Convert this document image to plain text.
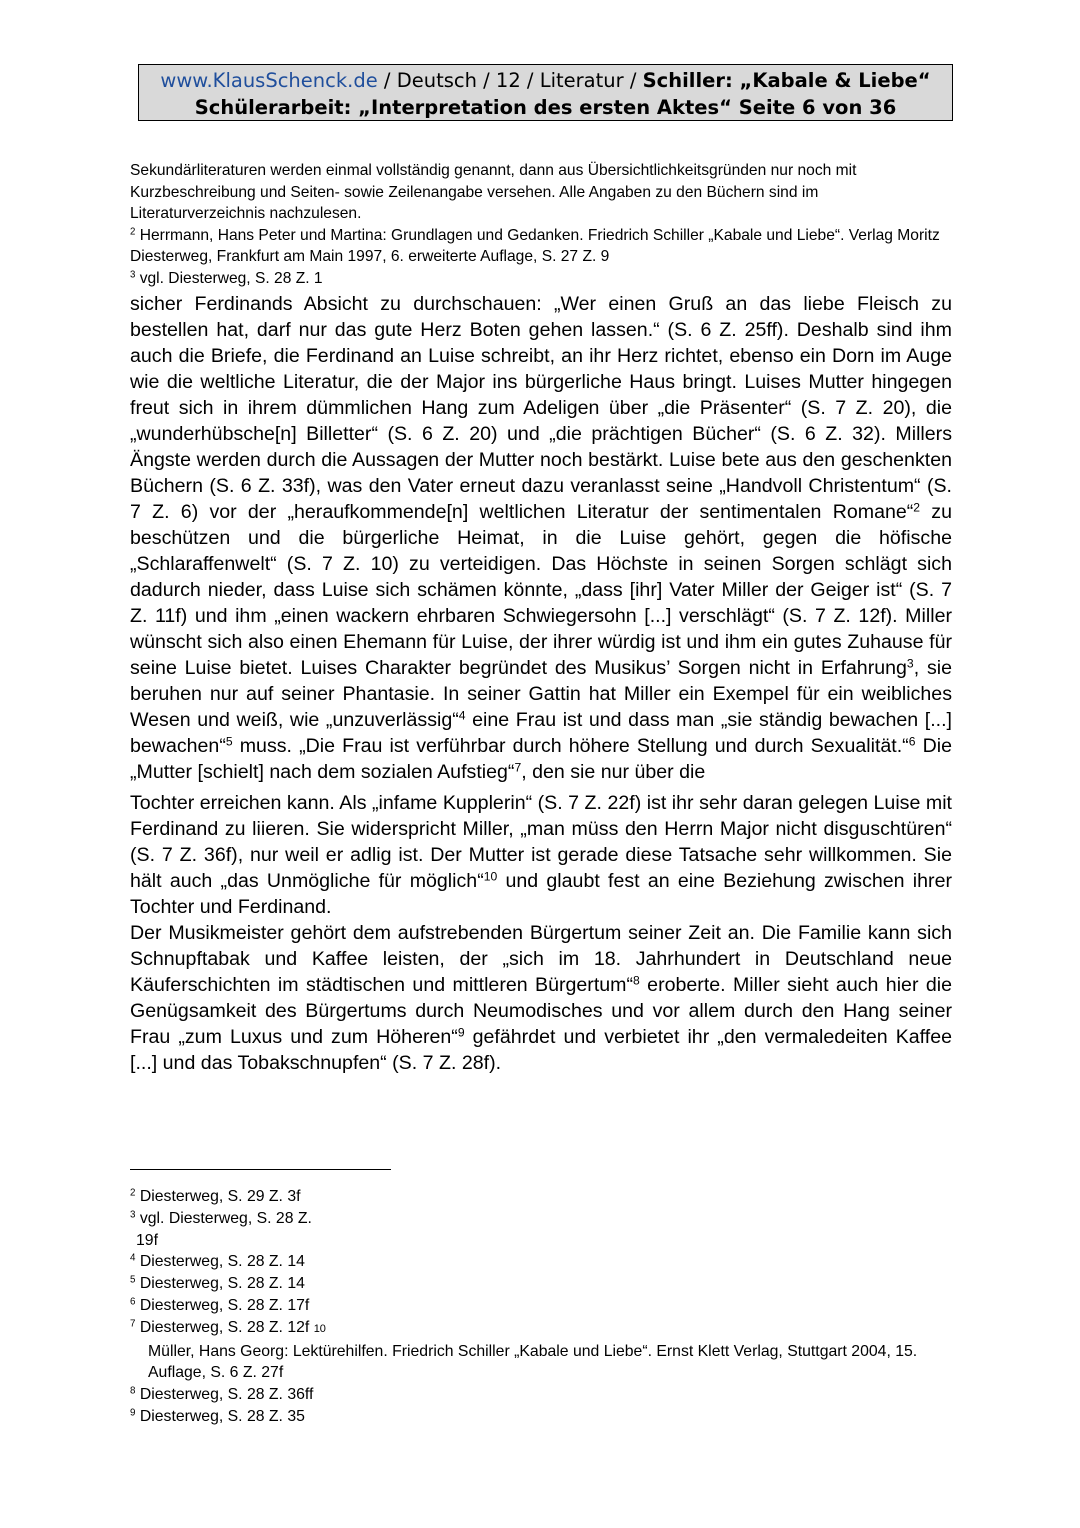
www.KlausSchenck.de / Deutsch / 12 / Literatur / Schiller: „Kabale & Liebe“
Schülerarbeit: „Interpretation des ersten Aktes“ Seite 6 von 36

Sekundärliteraturen werden einmal vollständig genannt, dann aus Übersichtlichkeitsgründen nur noch mit Kurzbeschreibung und Seiten- sowie Zeilenangabe versehen. Alle Angaben zu den Büchern sind im Literaturverzeichnis nachzulesen.

$^2$ Herrmann, Hans Peter und Martina: Grundlagen und Gedanken. Friedrich Schiller „Kabale und Liebe“. Verlag Moritz Diesterweg, Frankfurt am Main 1997, 6. erweiterte Auflage, S. 27 Z. 9

$^3$ vgl. Diesterweg, S. 28 Z. 1

sicher Ferdinands Absicht zu durchschauen: „Wer einen Gruß an das liebe Fleisch zu bestellen hat, darf nur das gute Herz Boten gehen lassen.“ (S. 6 Z. 25ff). Deshalb sind ihm auch die Briefe, die Ferdinand an Luise schreibt, an ihr Herz richtet, ebenso ein Dorn im Auge wie die weltliche Literatur, die der Major ins bürgerliche Haus bringt. Luises Mutter hingegen freut sich in ihrem dümmlichen Hang zum Adeligen über „die Präsenter“ (S. 7 Z. 20), die „wunderhübsche[n] Billetter“ (S. 6 Z. 20) und „die prächtigen Bücher“ (S. 6 Z. 32). Millers Ängste werden durch die Aussagen der Mutter noch bestärkt. Luise bete aus den geschenkten Büchern (S. 6 Z. 33f), was den Vater erneut dazu veranlasst seine „Handvoll Christentum“ (S. 7 Z. 6) vor der „heraufkommende[n] weltlichen Literatur der sentimentalen Romane“$^2$ zu beschützen und die bürgerliche Heimat, in die Luise gehört, gegen die höfische „Schlaraffenwelt“ (S. 7 Z. 10) zu verteidigen. Das Höchste in seinen Sorgen schlägt sich dadurch nieder, dass Luise sich schämen könnte, „dass [ihr] Vater Miller der Geiger ist“ (S. 7 Z. 11f) und ihm „einen wackern ehrbaren Schwiegersohn [...] verschlägt“ (S. 7 Z. 12f). Miller wünscht sich also einen Ehemann für Luise, der ihrer würdig ist und ihm ein gutes Zuhause für seine Luise bietet. Luises Charakter begründet des Musikus’ Sorgen nicht in Erfahrung$^3$, sie beruhen nur auf seiner Phantasie. In seiner Gattin hat Miller ein Exempel für ein weibliches Wesen und weiß, wie „unzuverlässig“$^4$ eine Frau ist und dass man „sie ständig bewachen [...] bewachen“$^5$ muss. „Die Frau ist verführbar durch höhere Stellung und durch Sexualität.“$^6$ Die „Mutter [schielt] nach dem sozialen Aufstieg“$^7$, den sie nur über die

Tochter erreichen kann. Als „infame Kupplerin“ (S. 7 Z. 22f) ist ihr sehr daran gelegen Luise mit Ferdinand zu liieren. Sie widerspricht Miller, „man müss den Herrn Major nicht disguschtüren“ (S. 7 Z. 36f), nur weil er adlig ist. Der Mutter ist gerade diese Tatsache sehr willkommen. Sie hält auch „das Unmögliche für möglich“$^{10}$ und glaubt fest an eine Beziehung zwischen ihrer Tochter und Ferdinand.

Der Musikmeister gehört dem aufstrebenden Bürgertum seiner Zeit an. Die Familie kann sich Schnupftabak und Kaffee leisten, der „sich im 18. Jahrhundert in Deutschland neue Käuferschichten im städtischen und mittleren Bürgertum“$^8$ eroberte. Miller sieht auch hier die Genügsamkeit des Bürgertums durch Neumodisches und vor allem durch den Hang seiner Frau „zum Luxus und zum Höheren“$^9$ gefährdet und verbietet ihr „den vermaledeiten Kaffee [...] und das Tobakschnupfen“ (S. 7 Z. 28f).

$^2$ Diesterweg, S. 29 Z. 3f

$^3$ vgl. Diesterweg, S. 28 Z.

19f

$^4$ Diesterweg, S. 28 Z. 14

$^5$ Diesterweg, S. 28 Z. 14

$^6$ Diesterweg, S. 28 Z. 17f

$^7$ Diesterweg, S. 28 Z. 12f 10

Müller, Hans Georg: Lektürehilfen. Friedrich Schiller „Kabale und Liebe“. Ernst Klett Verlag, Stuttgart 2004, 15. Auflage, S. 6 Z. 27f

$^8$ Diesterweg, S. 28 Z. 36ff

$^9$ Diesterweg, S. 28 Z. 35
